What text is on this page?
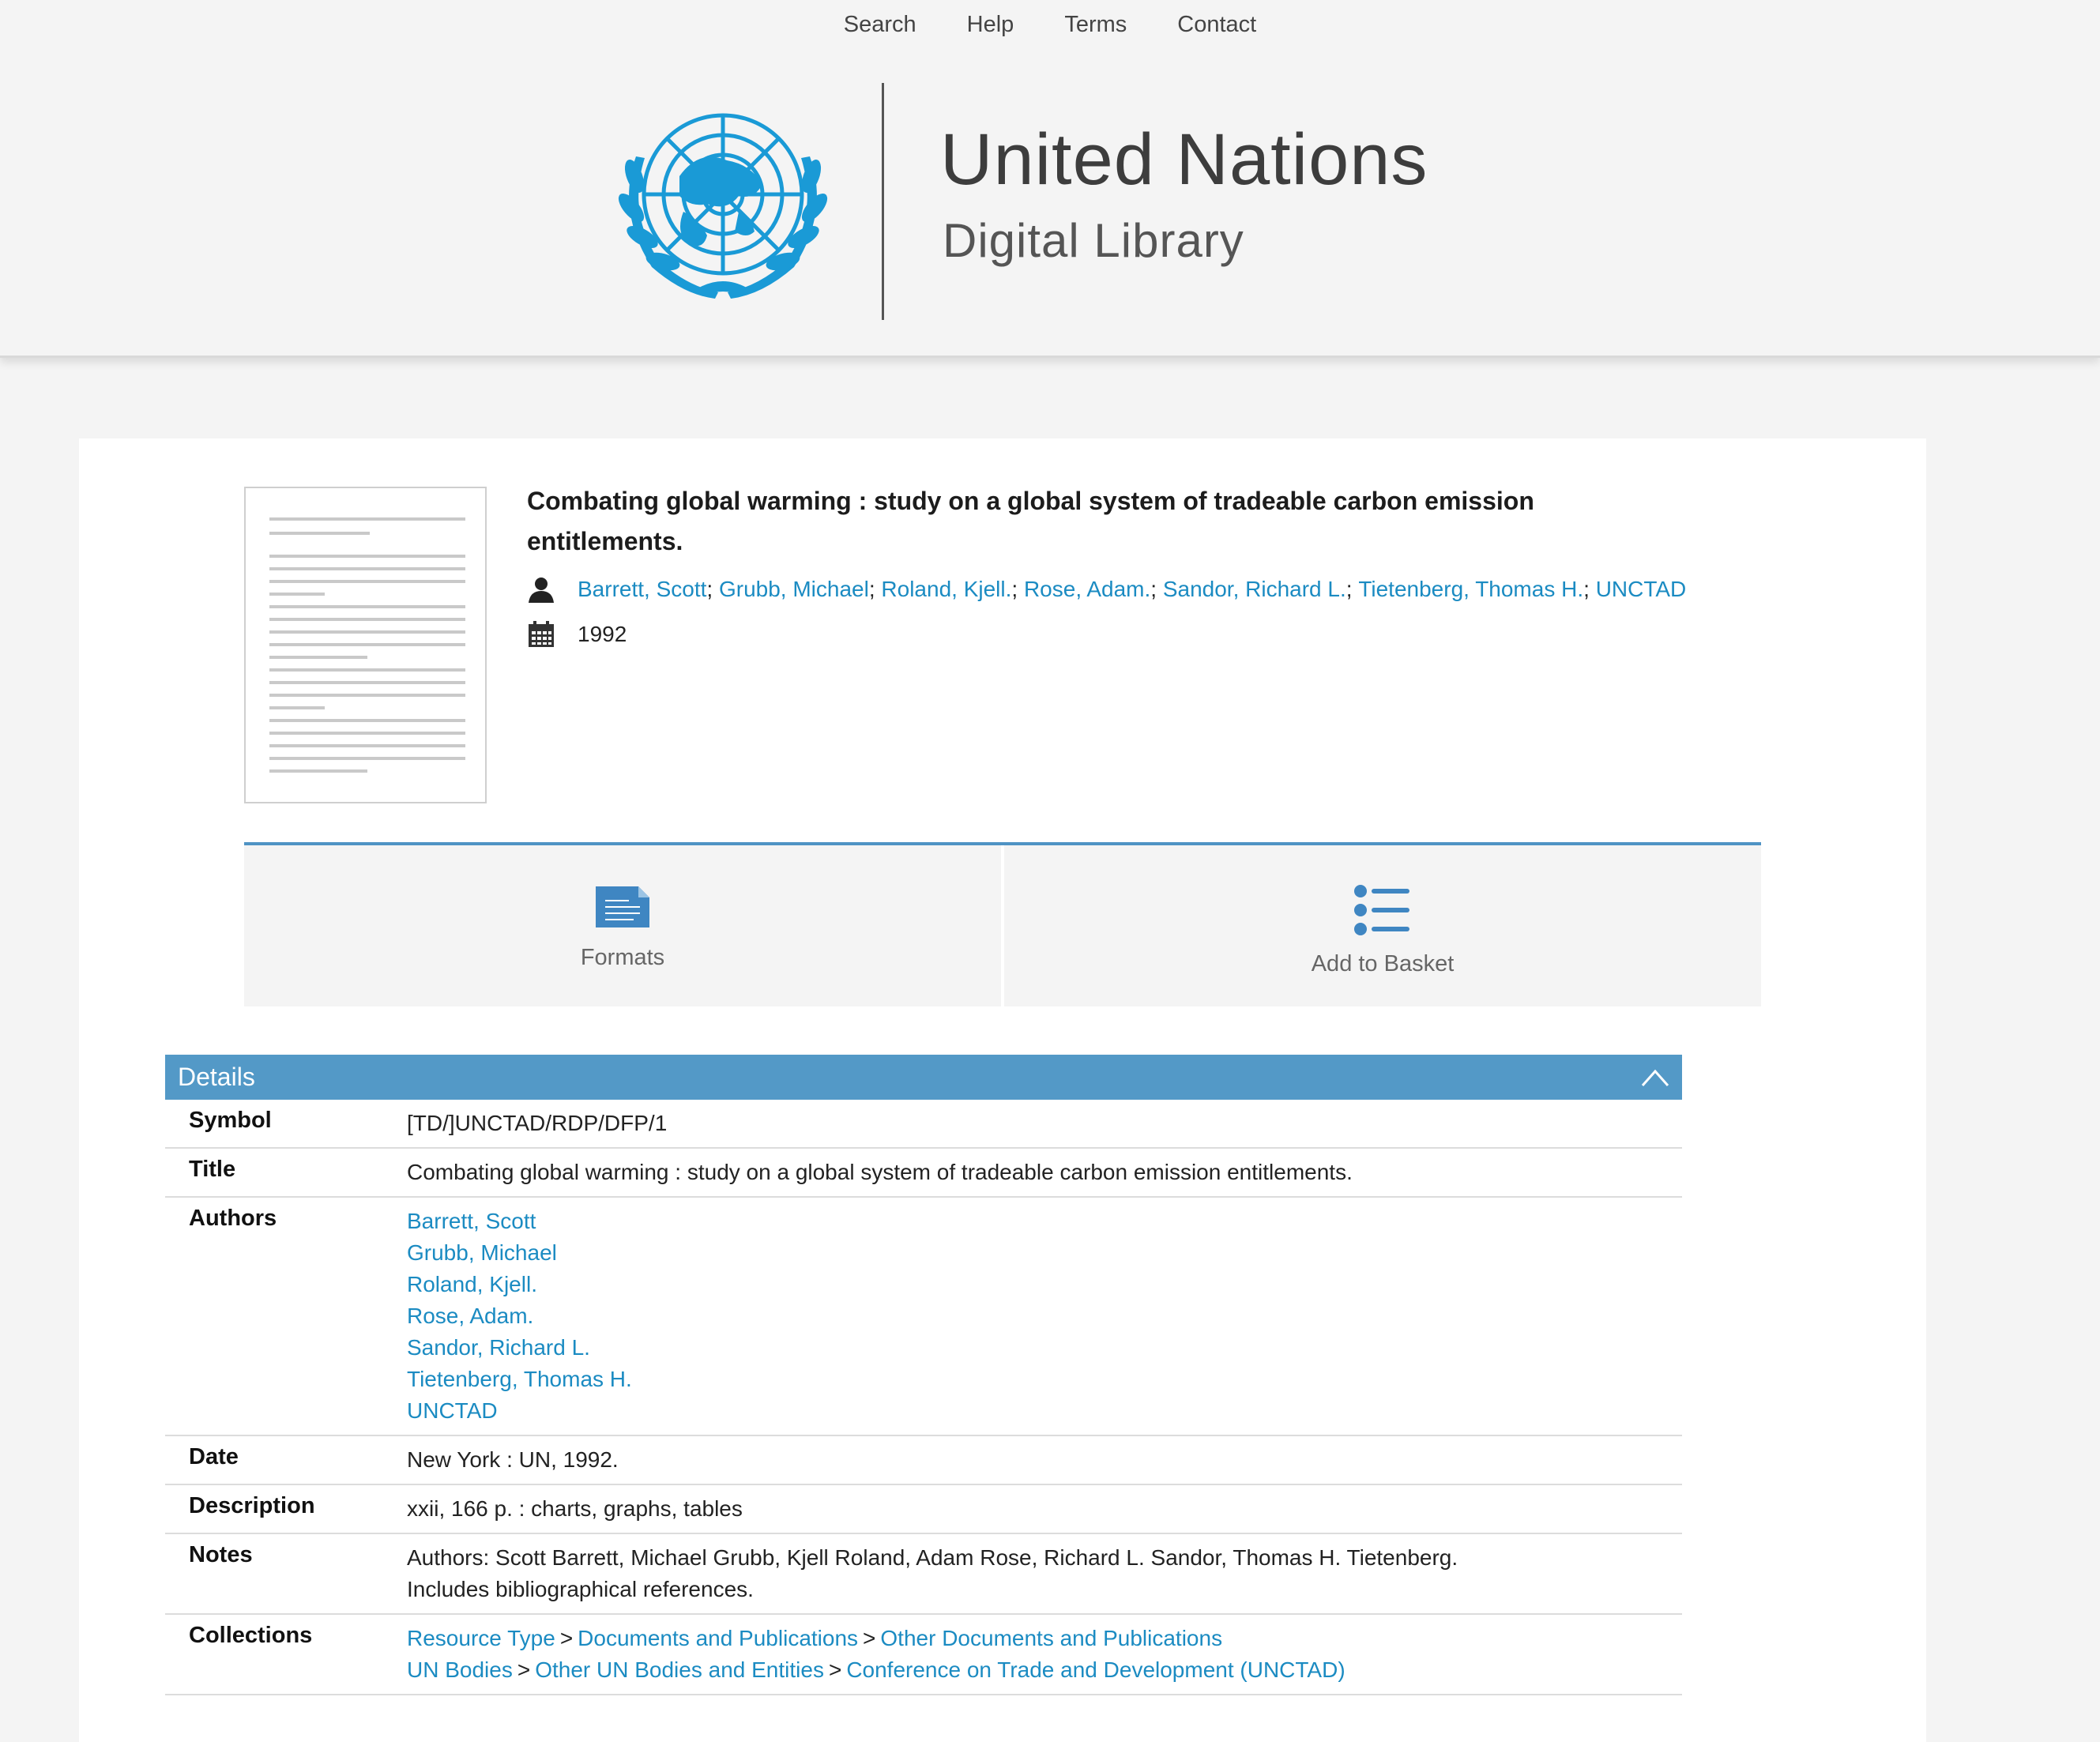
Search Help Terms Contact
United Nations
Digital Library
Combating global warming : study on a global system of tradeable carbon emission entitlements.
Barrett, Scott ; Grubb, Michael ; Roland, Kjell. ; Rose, Adam. ; Sandor, Richard L. ; Tietenberg, Thomas H. ; UNCTAD
1992
Formats	Add to Basket
Details
Symbol	[TD/]UNCTAD/RDP/DFP/1
Title	Combating global warming : study on a global system of tradeable carbon emission entitlements.
Authors	Barrett, Scott
Grubb, Michael
Roland, Kjell.
Rose, Adam.
Sandor, Richard L.
Tietenberg, Thomas H.
UNCTAD
Date	New York : UN, 1992.
Description	xxii, 166 p. : charts, graphs, tables
Notes	Authors: Scott Barrett, Michael Grubb, Kjell Roland, Adam Rose, Richard L. Sandor, Thomas H. Tietenberg.
Includes bibliographical references.
Collections	Resource Type > Documents and Publications > Other Documents and Publications
UN Bodies > Other UN Bodies and Entities > Conference on Trade and Development (UNCTAD)
